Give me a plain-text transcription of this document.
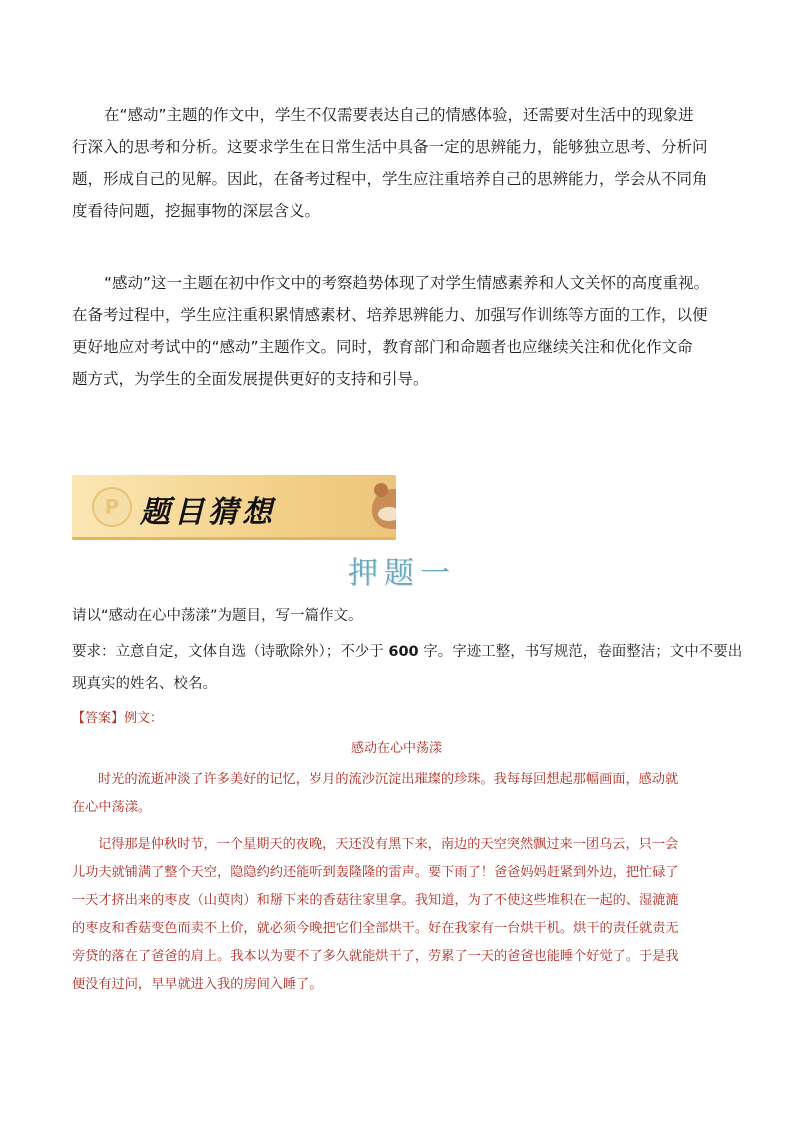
在“感动”主题的作文中，学生不仅需要表达自己的情感体验，还需要对生活中的现象进
行深入的思考和分析。这要求学生在日常生活中具备一定的思辨能力，能够独立思考、分析问
题，形成自己的见解。因此，在备考过程中，学生应注重培养自己的思辨能力，学会从不同角
度看待问题，挖掘事物的深层含义。
“感动”这一主题在初中作文中的考察趋势体现了对学生情感素养和人文关怀的高度重视。
在备考过程中，学生应注重积累情感素材、培养思辨能力、加强写作训练等方面的工作，以便
更好地应对考试中的“感动”主题作文。同时，教育部门和命题者也应继续关注和优化作文命
题方式，为学生的全面发展提供更好的支持和引导。
P 题目猜想
押题一

请以“感动在心中荡漾”为题目，写一篇作文。

要求：立意自定，文体自选（诗歌除外）；不少于 600 字。字迹工整，书写规范，卷面整洁；文中不要出

现真实的姓名、校名。

【答案】例文：
感动在心中荡漾
时光的流逝冲淡了许多美好的记忆，岁月的流沙沉淀出璀璨的珍珠。我每每回想起那幅画面，感动就
在心中荡漾。
记得那是仲秋时节，一个星期天的夜晚，天还没有黑下来，南边的天空突然飘过来一团乌云，只一会
儿功夫就铺满了整个天空，隐隐约约还能听到轰隆隆的雷声。要下雨了！爸爸妈妈赶紧到外边，把忙碌了
一天才挤出来的枣皮（山萸肉）和掰下来的香菇往家里拿。我知道，为了不使这些堆积在一起的、湿漉漉
的枣皮和香菇变色而卖不上价，就必须今晚把它们全部烘干。好在我家有一台烘干机。烘干的责任就责无
旁贷的落在了爸爸的肩上。我本以为要不了多久就能烘干了，劳累了一天的爸爸也能睡个好觉了。于是我
便没有过问，早早就进入我的房间入睡了。
